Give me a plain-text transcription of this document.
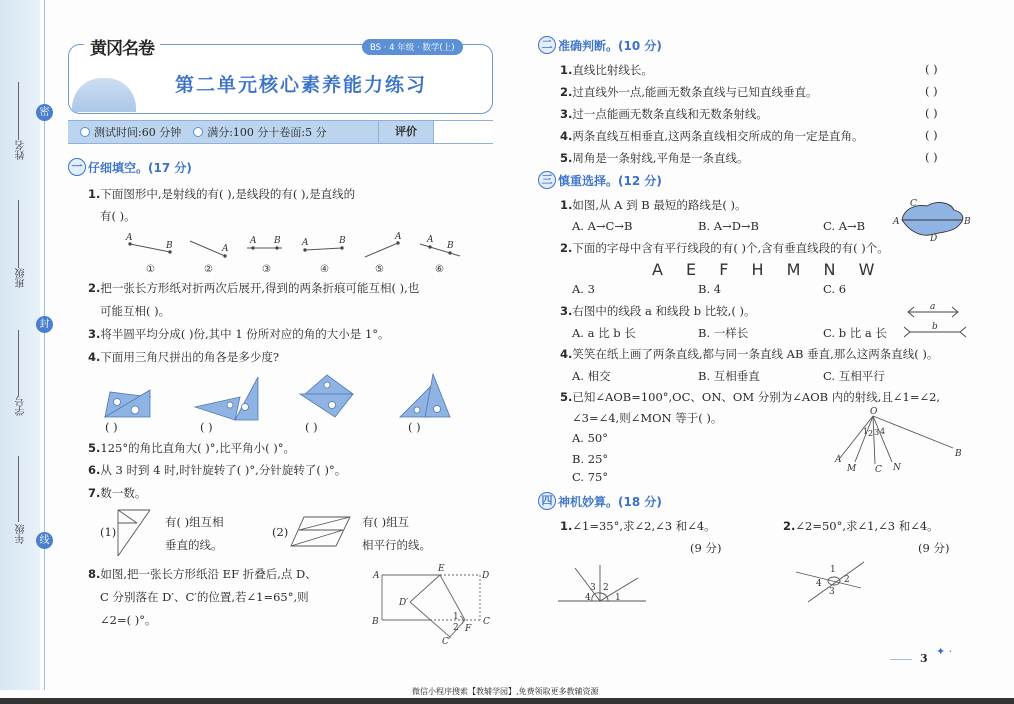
密
封
线
姓名
班级
学号
年级
黄冈名卷	BS · 4 年级 · 数学(上)
第二单元核心素养能力练习
测试时间:60 分钟 满分:100 分十卷面:5 分	评价
一 仔细填空。(17 分)
1.下面图形中,是射线的有( ),是线段的有( ),是直线的
有( )。
A
B	A
A B A	B	A	A
B
①	②	③	④	⑤	⑥
2.把一张长方形纸对折两次后展开,得到的两条折痕可能互相( ),也
可能互相( )。
3.将半圆平均分成( )份,其中 1 份所对应的角的大小是 1°。
4.下面用三角尺拼出的角各是多少度?
( )	( )	( )	( )
5.125°的角比直角大( )°,比平角小( )°。
6.从 3 时到 4 时,时针旋转了( )°,分针旋转了( )°。
7.数一数。
(1)
有( )组互相
垂直的线。
(2)
有( )组互
相平行的线。
8.如图,把一张长方形纸沿 EF 折叠后,点 D、
C 分别落在 D′、C′的位置,若∠1=65°,则
∠2=( )°。
A
E
D
D′
B	C
1
2 F
C′
二 准确判断。(10 分)
1.直线比射线长。	( )
2.过直线外一点,能画无数条直线与已知直线垂直。	( )
3.过一点能画无数条直线和无数条射线。	( )
4.两条直线互相垂直,这两条直线相交所成的角一定是直角。	( )
5.周角是一条射线,平角是一条直线。	( )
三 慎重选择。(12 分)
1.如图,从 A 到 B 最短的路线是( )。
A. A→C→B	B. A→D→B	C. A→B
C
A	B
D
2.下面的字母中含有平行线段的有( )个,含有垂直线段的有( )个。
A E F H M N W
A. 3	B. 4	C. 6
3.右图中的线段 a 和线段 b 比较,( )。
A. a 比 b 长	B. 一样长	C. b 比 a 长
a
b
4.笑笑在纸上画了两条直线,都与同一条直线 AB 垂直,那么这两条直线( )。
A. 相交	B. 互相垂直	C. 互相平行
5.已知∠AOB=100°,OC、ON、OM 分别为∠AOB 内的射线,且∠1=∠2,
∠3=∠4,则∠MON 等于( )。
A. 50°
B. 25°
C. 75°
O
A
M C N
B
1 2 3 4
四 神机妙算。(18 分)
1.∠1=35°,求∠2,∠3 和∠4。
(9 分)
2.∠2=50°,求∠1,∠3 和∠4。
(9 分)
4
3 2
1
1
2
4
3
3
✦ ·
微信小程序搜索【教辅学园】,免费领取更多教辅资源
